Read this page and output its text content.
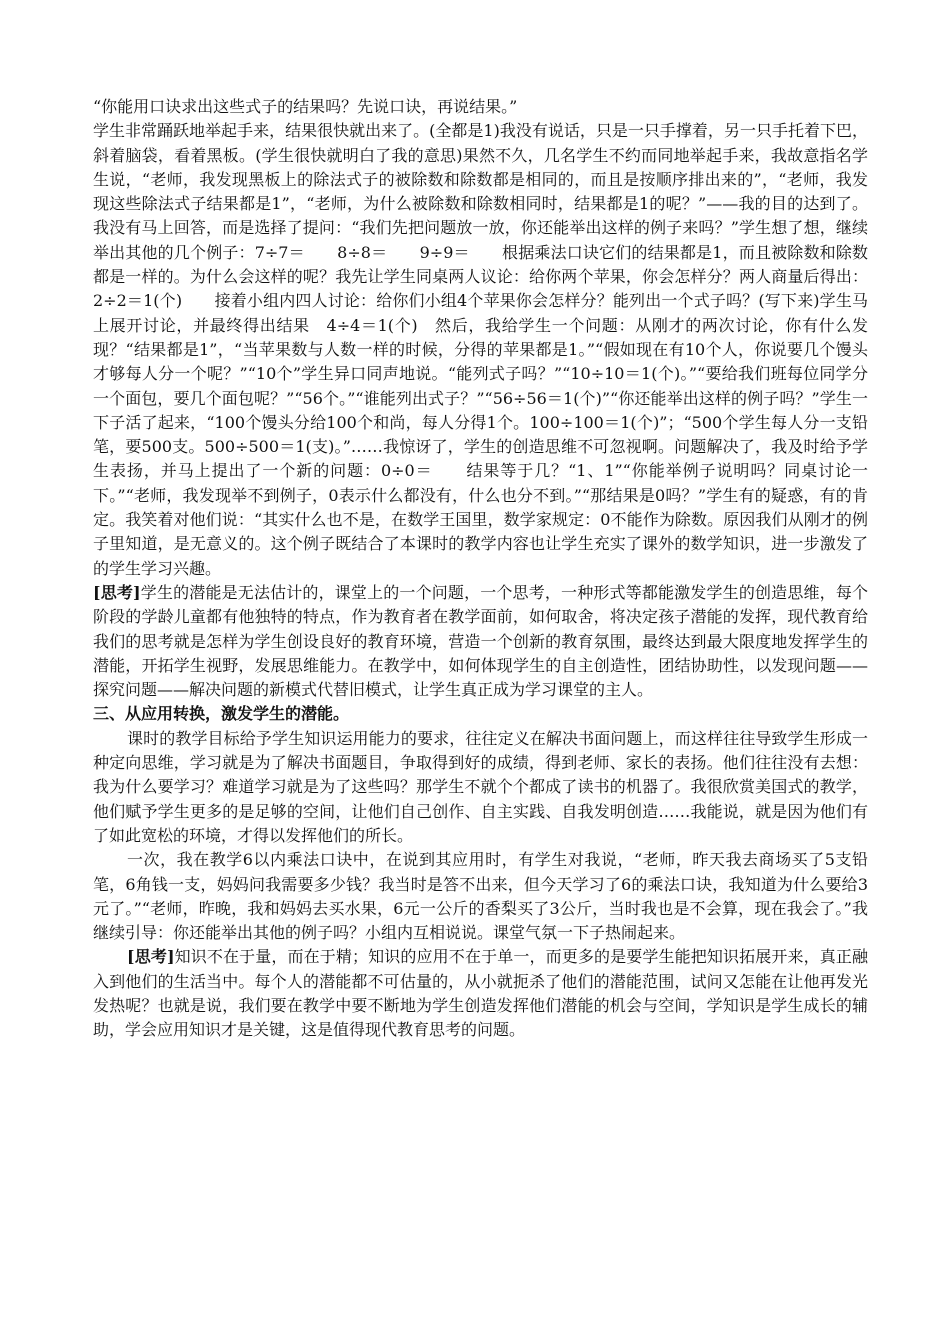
“你能用口诀求出这些式子的结果吗？先说口诀，再说结果。”

学生非常踊跃地举起手来，结果很快就出来了。(全都是1)我没有说话，只是一只手撑着，另一只手托着下巴，斜着脑袋，看着黑板。(学生很快就明白了我的意思)果然不久，几名学生不约而同地举起手来，我故意指名学生说，“老师，我发现黑板上的除法式子的被除数和除数都是相同的，而且是按顺序排出来的”，“老师，我发现这些除法式子结果都是1”，“老师，为什么被除数和除数相同时，结果都是1的呢？”——我的目的达到了。我没有马上回答，而是选择了提问：“我们先把问题放一放，你还能举出这样的例子来吗？”学生想了想，继续举出其他的几个例子：7÷7＝　　8÷8＝　　9÷9＝　　根据乘法口诀它们的结果都是1，而且被除数和除数都是一样的。为什么会这样的呢？我先让学生同桌两人议论：给你两个苹果，你会怎样分？两人商量后得出：2÷2＝1(个)　　接着小组内四人讨论：给你们小组4个苹果你会怎样分？能列出一个式子吗？(写下来)学生马上展开讨论，并最终得出结果　4÷4＝1(个)　然后，我给学生一个问题：从刚才的两次讨论，你有什么发现？“结果都是1”，“当苹果数与人数一样的时候，分得的苹果都是1。”“假如现在有10个人，你说要几个馒头才够每人分一个呢？”“10个”学生异口同声地说。“能列式子吗？”“10÷10＝1(个)。”“要给我们班每位同学分一个面包，要几个面包呢？”“56个。”“谁能列出式子？”“56÷56＝1(个)”“你还能举出这样的例子吗？”学生一下子活了起来，“100个馒头分给100个和尚，每人分得1个。100÷100＝1(个)”；“500个学生每人分一支铅笔，要500支。500÷500＝1(支)。”……我惊讶了，学生的创造思维不可忽视啊。问题解决了，我及时给予学生表扬，并马上提出了一个新的问题：0÷0＝　　结果等于几？“1、1”“你能举例子说明吗？同桌讨论一下。”“老师，我发现举不到例子，0表示什么都没有，什么也分不到。”“那结果是0吗？”学生有的疑惑，有的肯定。我笑着对他们说：“其实什么也不是，在数学王国里，数学家规定：0不能作为除数。原因我们从刚才的例子里知道，是无意义的。这个例子既结合了本课时的教学内容也让学生充实了课外的数学知识，进一步激发了的学生学习兴趣。

[思考]学生的潜能是无法估计的，课堂上的一个问题，一个思考，一种形式等都能激发学生的创造思维，每个阶段的学龄儿童都有他独特的特点，作为教育者在教学面前，如何取舍，将决定孩子潜能的发挥，现代教育给我们的思考就是怎样为学生创设良好的教育环境，营造一个创新的教育氛围，最终达到最大限度地发挥学生的潜能，开拓学生视野，发展思维能力。在教学中，如何体现学生的自主创造性，团结协助性，以发现问题——探究问题——解决问题的新模式代替旧模式，让学生真正成为学习课堂的主人。

三、从应用转换，激发学生的潜能。

课时的教学目标给予学生知识运用能力的要求，往往定义在解决书面问题上，而这样往往导致学生形成一种定向思维，学习就是为了解决书面题目，争取得到好的成绩，得到老师、家长的表扬。他们往往没有去想：我为什么要学习？难道学习就是为了这些吗？那学生不就个个都成了读书的机器了。我很欣赏美国式的教学，他们赋予学生更多的是足够的空间，让他们自己创作、自主实践、自我发明创造……我能说，就是因为他们有了如此宽松的环境，才得以发挥他们的所长。

一次，我在教学6以内乘法口诀中，在说到其应用时，有学生对我说，“老师，昨天我去商场买了5支铅笔，6角钱一支，妈妈问我需要多少钱？我当时是答不出来，但今天学习了6的乘法口诀，我知道为什么要给3元了。”“老师，昨晚，我和妈妈去买水果，6元一公斤的香梨买了3公斤，当时我也是不会算，现在我会了。”我继续引导：你还能举出其他的例子吗？小组内互相说说。课堂气氛一下子热闹起来。

[思考]知识不在于量，而在于精；知识的应用不在于单一，而更多的是要学生能把知识拓展开来，真正融入到他们的生活当中。每个人的潜能都不可估量的，从小就扼杀了他们的潜能范围，试问又怎能在让他再发光发热呢？也就是说，我们要在教学中要不断地为学生创造发挥他们潜能的机会与空间，学知识是学生成长的辅助，学会应用知识才是关键，这是值得现代教育思考的问题。
